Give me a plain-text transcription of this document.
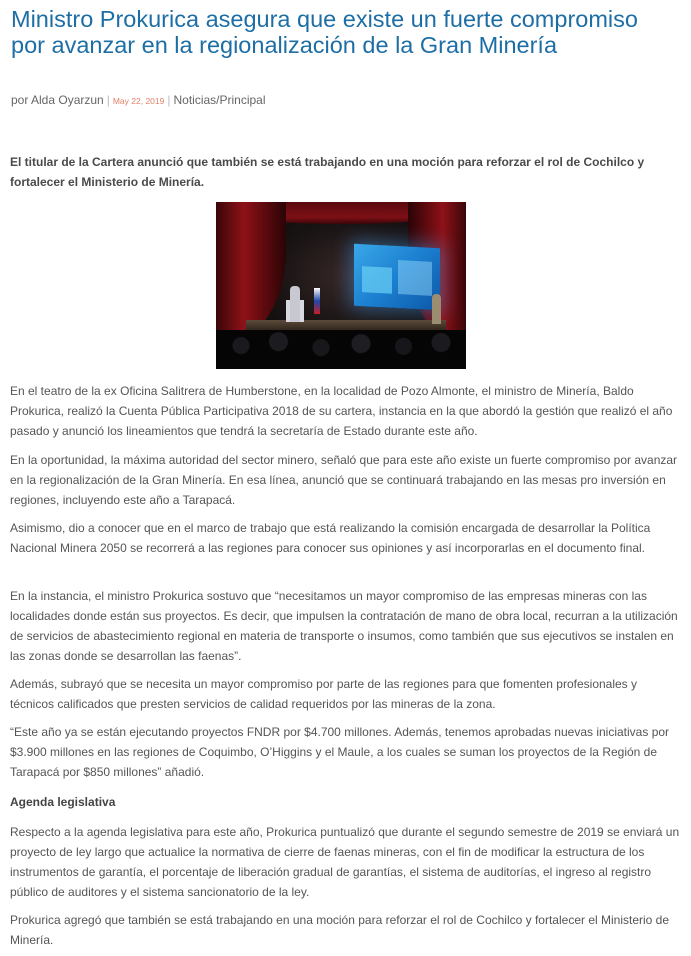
Ministro Prokurica asegura que existe un fuerte compromiso por avanzar en la regionalización de la Gran Minería
por Alda Oyarzun | May 22, 2019 | Noticias/Principal

El titular de la Cartera anunció que también se está trabajando en una moción para reforzar el rol de Cochilco y fortalecer el Ministerio de Minería.

En el teatro de la ex Oficina Salitrera de Humberstone, en la localidad de Pozo Almonte, el ministro de Minería, Baldo Prokurica, realizó la Cuenta Pública Participativa 2018 de su cartera, instancia en la que abordó la gestión que realizó el año pasado y anunció los lineamientos que tendrá la secretaría de Estado durante este año.

En la oportunidad, la máxima autoridad del sector minero, señaló que para este año existe un fuerte compromiso por avanzar en la regionalización de la Gran Minería. En esa línea, anunció que se continuará trabajando en las mesas pro inversión en regiones, incluyendo este año a Tarapacá.

Asimismo, dio a conocer que en el marco de trabajo que está realizando la comisión encargada de desarrollar la Política Nacional Minera 2050 se recorrerá a las regiones para conocer sus opiniones y así incorporarlas en el documento final.

En la instancia, el ministro Prokurica sostuvo que “necesitamos un mayor compromiso de las empresas mineras con las localidades donde están sus proyectos. Es decir, que impulsen la contratación de mano de obra local, recurran a la utilización de servicios de abastecimiento regional en materia de transporte o insumos, como también que sus ejecutivos se instalen en las zonas donde se desarrollan las faenas”.

Además, subrayó que se necesita un mayor compromiso por parte de las regiones para que fomenten profesionales y técnicos calificados que presten servicios de calidad requeridos por las mineras de la zona.

“Este año ya se están ejecutando proyectos FNDR por $4.700 millones. Además, tenemos aprobadas nuevas iniciativas por $3.900 millones en las regiones de Coquimbo, O’Higgins y el Maule, a los cuales se suman los proyectos de la Región de Tarapacá por $850 millones” añadió.

Agenda legislativa

Respecto a la agenda legislativa para este año, Prokurica puntualizó que durante el segundo semestre de 2019 se enviará un proyecto de ley largo que actualice la normativa de cierre de faenas mineras, con el fin de modificar la estructura de los instrumentos de garantía, el porcentaje de liberación gradual de garantías, el sistema de auditorías, el ingreso al registro público de auditores y el sistema sancionatorio de la ley.

Prokurica agregó que también se está trabajando en una moción para reforzar el rol de Cochilco y fortalecer el Ministerio de Minería.
